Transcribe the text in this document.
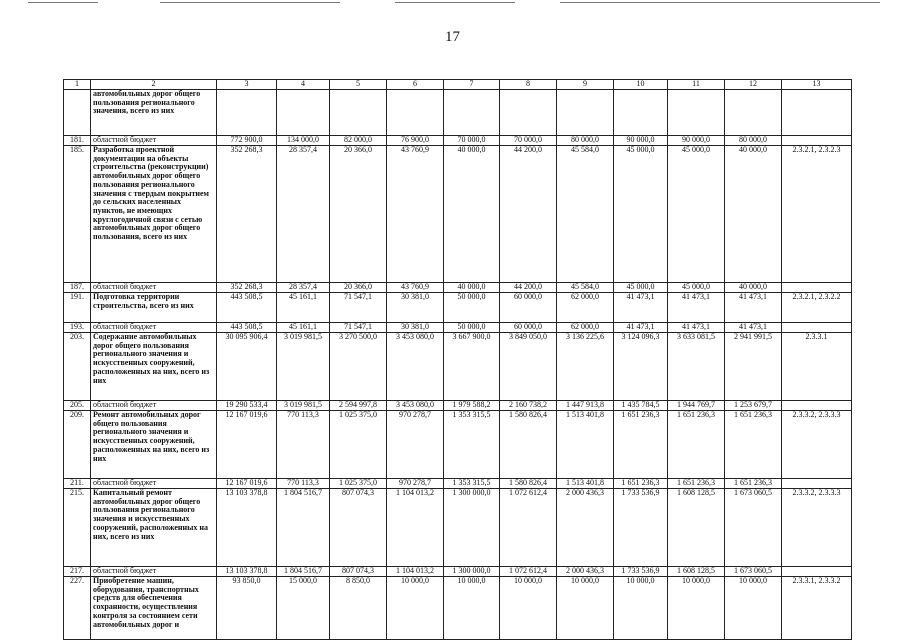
17
1	2	3	4	5	6	7	8	9	10	11	12	13
	автомобильных дорог общего пользования регионального значения, всего из них											
181.	областной бюджет	772 900,0	134 000,0	82 000,0	76 900,0	70 000,0	70 000,0	80 000,0	90 000,0	90 000,0	80 000,0	
185.	Разработка проектной документации на объекты строительства (реконструкции) автомобильных дорог общего пользования регионального значения с твердым покрытием до сельских населенных пунктов, не имеющих круглогодичной связи с сетью автомобильных дорог общего пользования, всего из них	352 268,3	28 357,4	20 366,0	43 760,9	40 000,0	44 200,0	45 584,0	45 000,0	45 000,0	40 000,0	2.3.2.1, 2.3.2.3
187.	областной бюджет	352 268,3	28 357,4	20 366,0	43 760,9	40 000,0	44 200,0	45 584,0	45 000,0	45 000,0	40 000,0	
191.	Подготовка территории строительства, всего из них	443 508,5	45 161,1	71 547,1	30 381,0	50 000,0	60 000,0	62 000,0	41 473,1	41 473,1	41 473,1	2.3.2.1, 2.3.2.2
193.	областной бюджет	443 508,5	45 161,1	71 547,1	30 381,0	50 000,0	60 000,0	62 000,0	41 473,1	41 473,1	41 473,1	
203.	Содержание автомобильных дорог общего пользования регионального значения и искусственных сооружений, расположенных на них, всего из них	30 095 906,4	3 019 981,5	3 270 500,0	3 453 080,0	3 667 900,0	3 849 050,0	3 136 225,6	3 124 096,3	3 633 081,5	2 941 991,5	2.3.3.1
205.	областной бюджет	19 290 533,4	3 019 981,5	2 594 997,8	3 453 080,0	1 979 588,2	2 160 738,2	1 447 913,8	1 435 784,5	1 944 769,7	1 253 679,7	
209.	Ремонт автомобильных дорог общего пользования регионального значения и искусственных сооружений, расположенных на них, всего из них	12 167 019,6	770 113,3	1 025 375,0	970 278,7	1 353 315,5	1 580 826,4	1 513 401,8	1 651 236,3	1 651 236,3	1 651 236,3	2.3.3.2, 2.3.3.3
211.	областной бюджет	12 167 019,6	770 113,3	1 025 375,0	970 278,7	1 353 315,5	1 580 826,4	1 513 401,8	1 651 236,3	1 651 236,3	1 651 236,3	
215.	Капитальный ремонт автомобильных дорог общего пользования регионального значения и искусственных сооружений, расположенных на них, всего из них	13 103 378,8	1 804 516,7	807 074,3	1 104 013,2	1 300 000,0	1 072 612,4	2 000 436,3	1 733 536,9	1 608 128,5	1 673 060,5	2.3.3.2, 2.3.3.3
217.	областной бюджет	13 103 378,8	1 804 516,7	807 074,3	1 104 013,2	1 300 000,0	1 072 612,4	2 000 436,3	1 733 536,9	1 608 128,5	1 673 060,5	
227.	Приобретение машин, оборудования, транспортных средств для обеспечения сохранности, осуществления контроля за состоянием сети автомобильных дорог и	93 850,0	15 000,0	8 850,0	10 000,0	10 000,0	10 000,0	10 000,0	10 000,0	10 000,0	10 000,0	2.3.3.1, 2.3.3.2
